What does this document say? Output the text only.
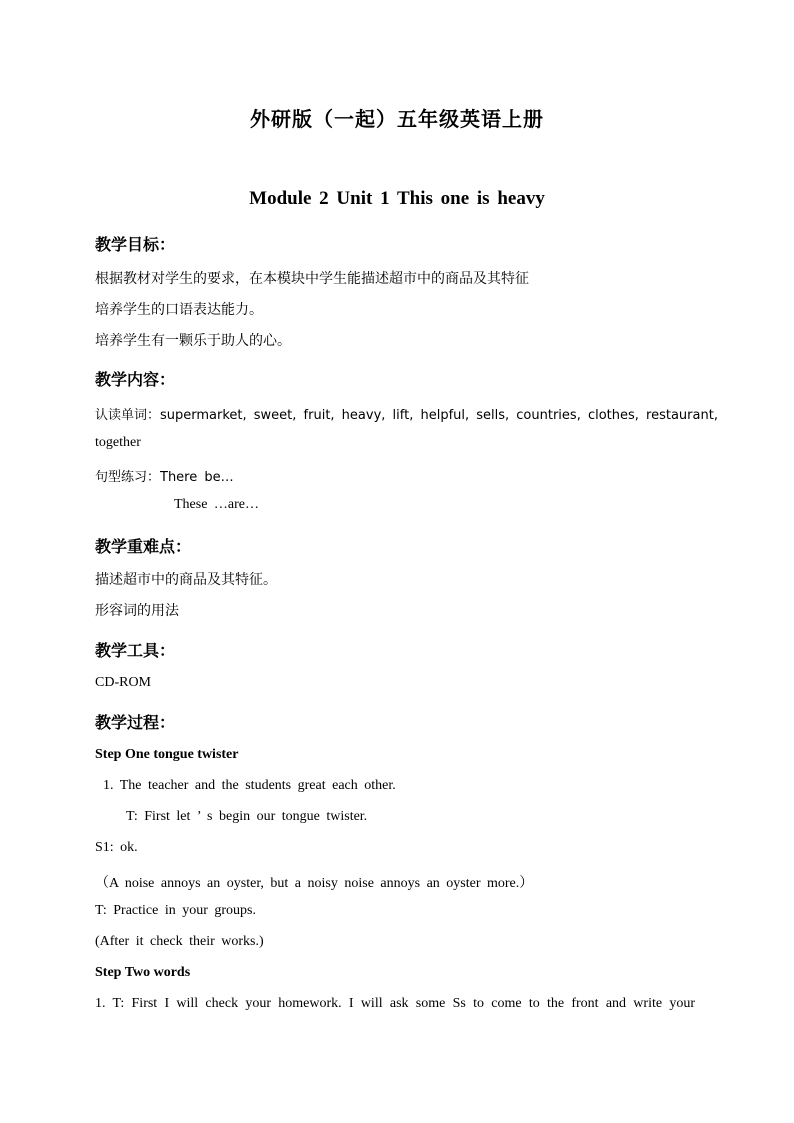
外研版（一起）五年级英语上册
Module 2 Unit 1 This one is heavy
教学目标：
根据教材对学生的要求，在本模块中学生能描述超市中的商品及其特征
培养学生的口语表达能力。
培养学生有一颗乐于助人的心。
教学内容：
认读单词：supermarket, sweet, fruit, heavy, lift, helpful, sells, countries, clothes, restaurant,
together
句型练习：There be…
These …are…
教学重难点：
描述超市中的商品及其特征。
形容词的用法
教学工具：
CD-ROM
教学过程：
Step One tongue twister
1. The teacher and the students great each other.
T: First let ’ s begin our tongue twister.
S1: ok.
（A noise annoys an oyster, but a noisy noise annoys an oyster more.）
T: Practice in your groups.
(After it check their works.)
Step Two words
1. T: First I will check your homework. I will ask some Ss to come to the front and write your
